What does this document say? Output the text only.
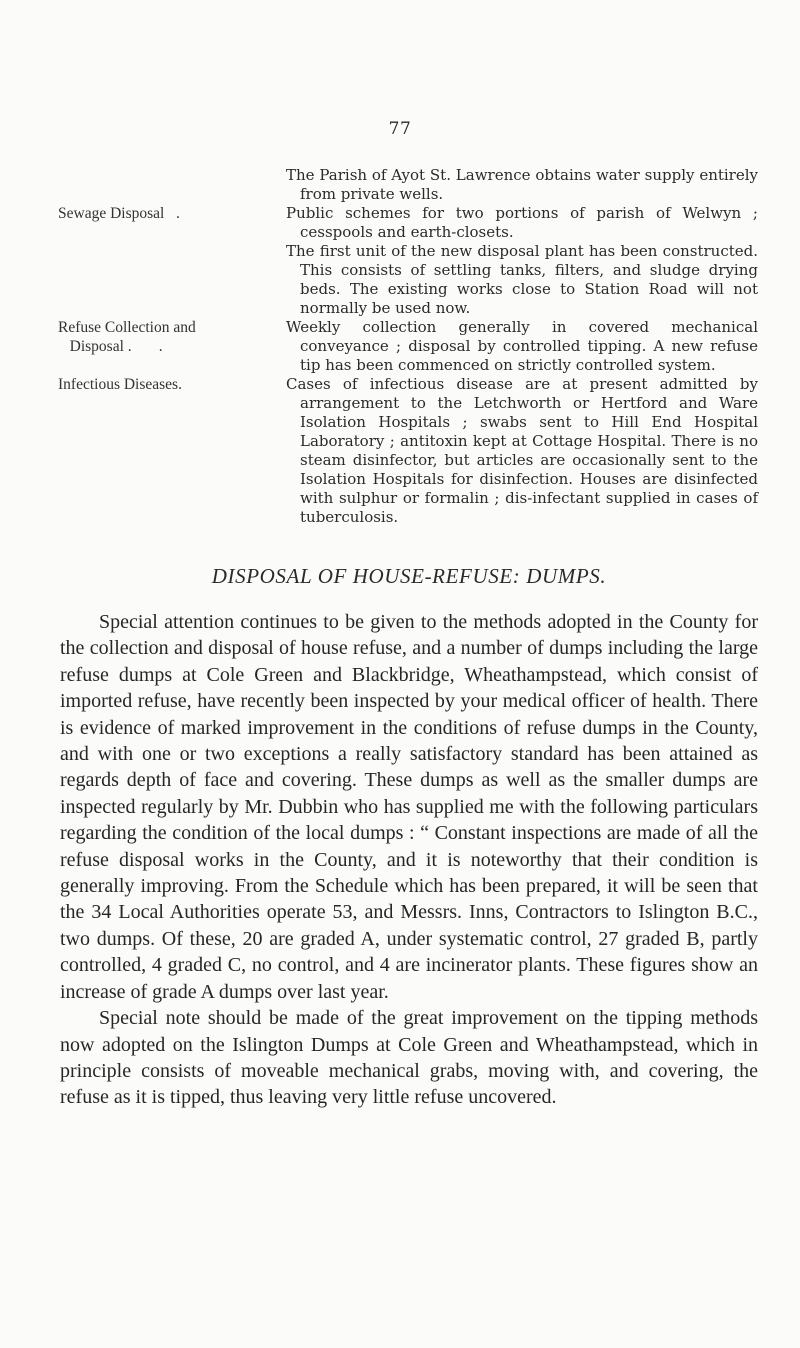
77
The Parish of Ayot St. Lawrence obtains water supply entirely from private wells.
Sewage Disposal   .	Public schemes for two portions of parish of Welwyn ; cesspools and earth-closets.
The first unit of the new disposal plant has been constructed. This consists of settling tanks, filters, and sludge drying beds. The existing works close to Station Road will not normally be used now.
Refuse Collection and
Disposal .       .
Weekly collection generally in covered mechanical conveyance ; disposal by controlled tipping. A new refuse tip has been commenced on strictly controlled system.
Infectious Diseases.	Cases of infectious disease are at present admitted by arrangement to the Letchworth or Hertford and Ware Isolation Hospitals ; swabs sent to Hill End Hospital Laboratory ; antitoxin kept at Cottage Hospital. There is no steam disinfector, but articles are occasionally sent to the Isolation Hospitals for disinfection. Houses are disinfected with sulphur or formalin ; dis-infectant supplied in cases of tuberculosis.
DISPOSAL OF HOUSE-REFUSE: DUMPS.

Special attention continues to be given to the methods adopted in the County for the collection and disposal of house refuse, and a number of dumps including the large refuse dumps at Cole Green and Blackbridge, Wheathampstead, which consist of imported refuse, have recently been inspected by your medical officer of health. There is evidence of marked improvement in the conditions of refuse dumps in the County, and with one or two exceptions a really satisfactory standard has been attained as regards depth of face and covering. These dumps as well as the smaller dumps are inspected regularly by Mr. Dubbin who has supplied me with the following particulars regarding the condition of the local dumps : “ Constant inspections are made of all the refuse disposal works in the County, and it is noteworthy that their condition is generally improving. From the Schedule which has been prepared, it will be seen that the 34 Local Authorities operate 53, and Messrs. Inns, Contractors to Islington B.C., two dumps. Of these, 20 are graded A, under systematic control, 27 graded B, partly controlled, 4 graded C, no control, and 4 are incinerator plants. These figures show an increase of grade A dumps over last year.

Special note should be made of the great improvement on the tipping methods now adopted on the Islington Dumps at Cole Green and Wheathampstead, which in principle consists of moveable mechanical grabs, moving with, and covering, the refuse as it is tipped, thus leaving very little refuse uncovered.
